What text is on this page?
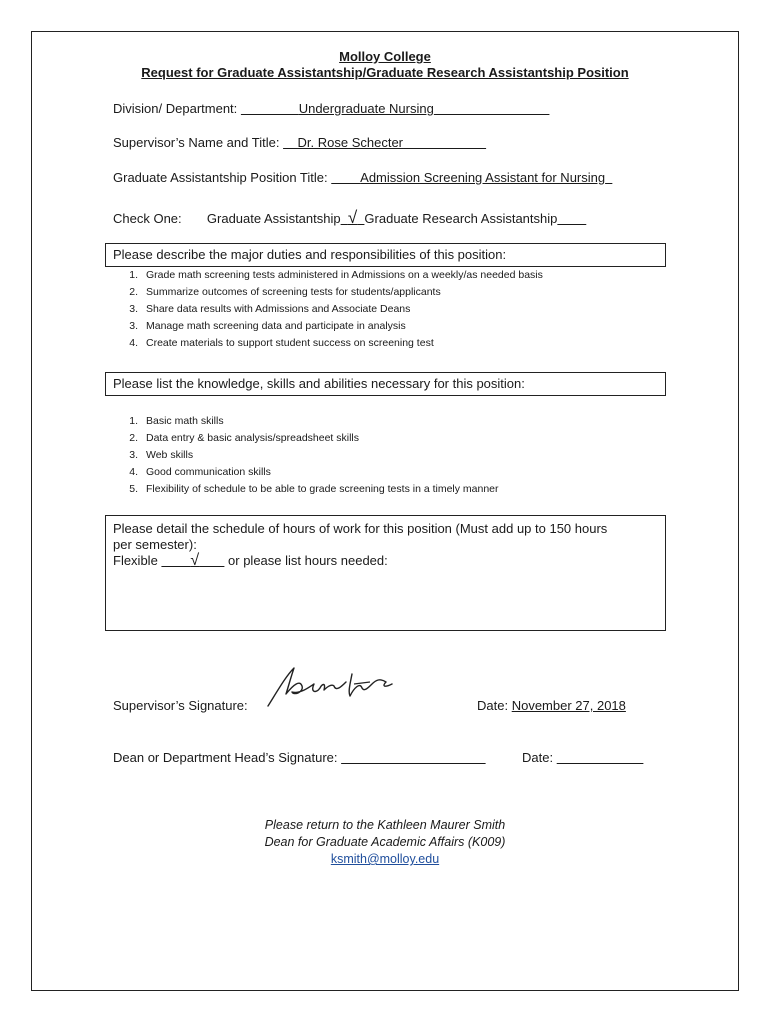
Molloy College
Request for Graduate Assistantship/Graduate Research Assistantship Position
Division/ Department:	Undergraduate Nursing
Supervisor’s Name and Title: Dr. Rose Schecter
Graduate Assistantship Position Title:	Admission Screening Assistant for Nursing
Check One: Graduate Assistantship √ Graduate Research Assistantship
Please describe the major duties and responsibilities of this position:
1. Grade math screening tests administered in Admissions on a weekly/as needed basis
2. Summarize outcomes of screening tests for students/applicants
3. Share data results with Admissions and Associate Deans
3. Manage math screening data and participate in analysis
4. Create materials to support student success on screening test
Please list the knowledge, skills and abilities necessary for this position:
1. Basic math skills
2. Data entry & basic analysis/spreadsheet skills
3. Web skills
4. Good communication skills
5. Flexibility of schedule to be able to grade screening tests in a timely manner
Please detail the schedule of hours of work for this position (Must add up to 150 hours
per semester):
Flexible √ or please list hours needed:
Supervisor’s Signature:	Date: November 27, 2018
Dean or Department Head’s Signature:	Date:
Please return to the Kathleen Maurer Smith
Dean for Graduate Academic Affairs (K009)
ksmith@molloy.edu
